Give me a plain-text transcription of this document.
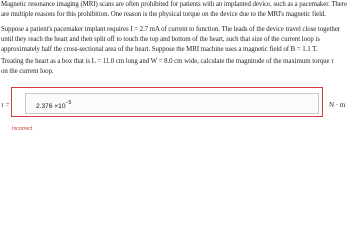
Magnetic resonance imaging (MRI) scans are often prohibited for patients with an implanted device, such as a pacemaker. There
are multiple reasons for this prohibition. One reason is the physical torque on the device due to the MRI's magnetic field.

Suppose a patient's pacemaker implant requires I = 2.7 mA of current to function. The leads of the device travel close together
until they reach the heart and then split off to touch the top and bottom of the heart, such that size of the current loop is
approximately half the cross-sectional area of the heart. Suppose the MRI machine uses a magnetic field of B = 1.1 T.

Treating the heart as a box that is L = 11.0 cm long and W = 8.0 cm wide, calculate the magnitude of the maximum torque τ
on the current loop.

τ =	$2.376 \times 10^{-5}$	N · m
Incorrect
